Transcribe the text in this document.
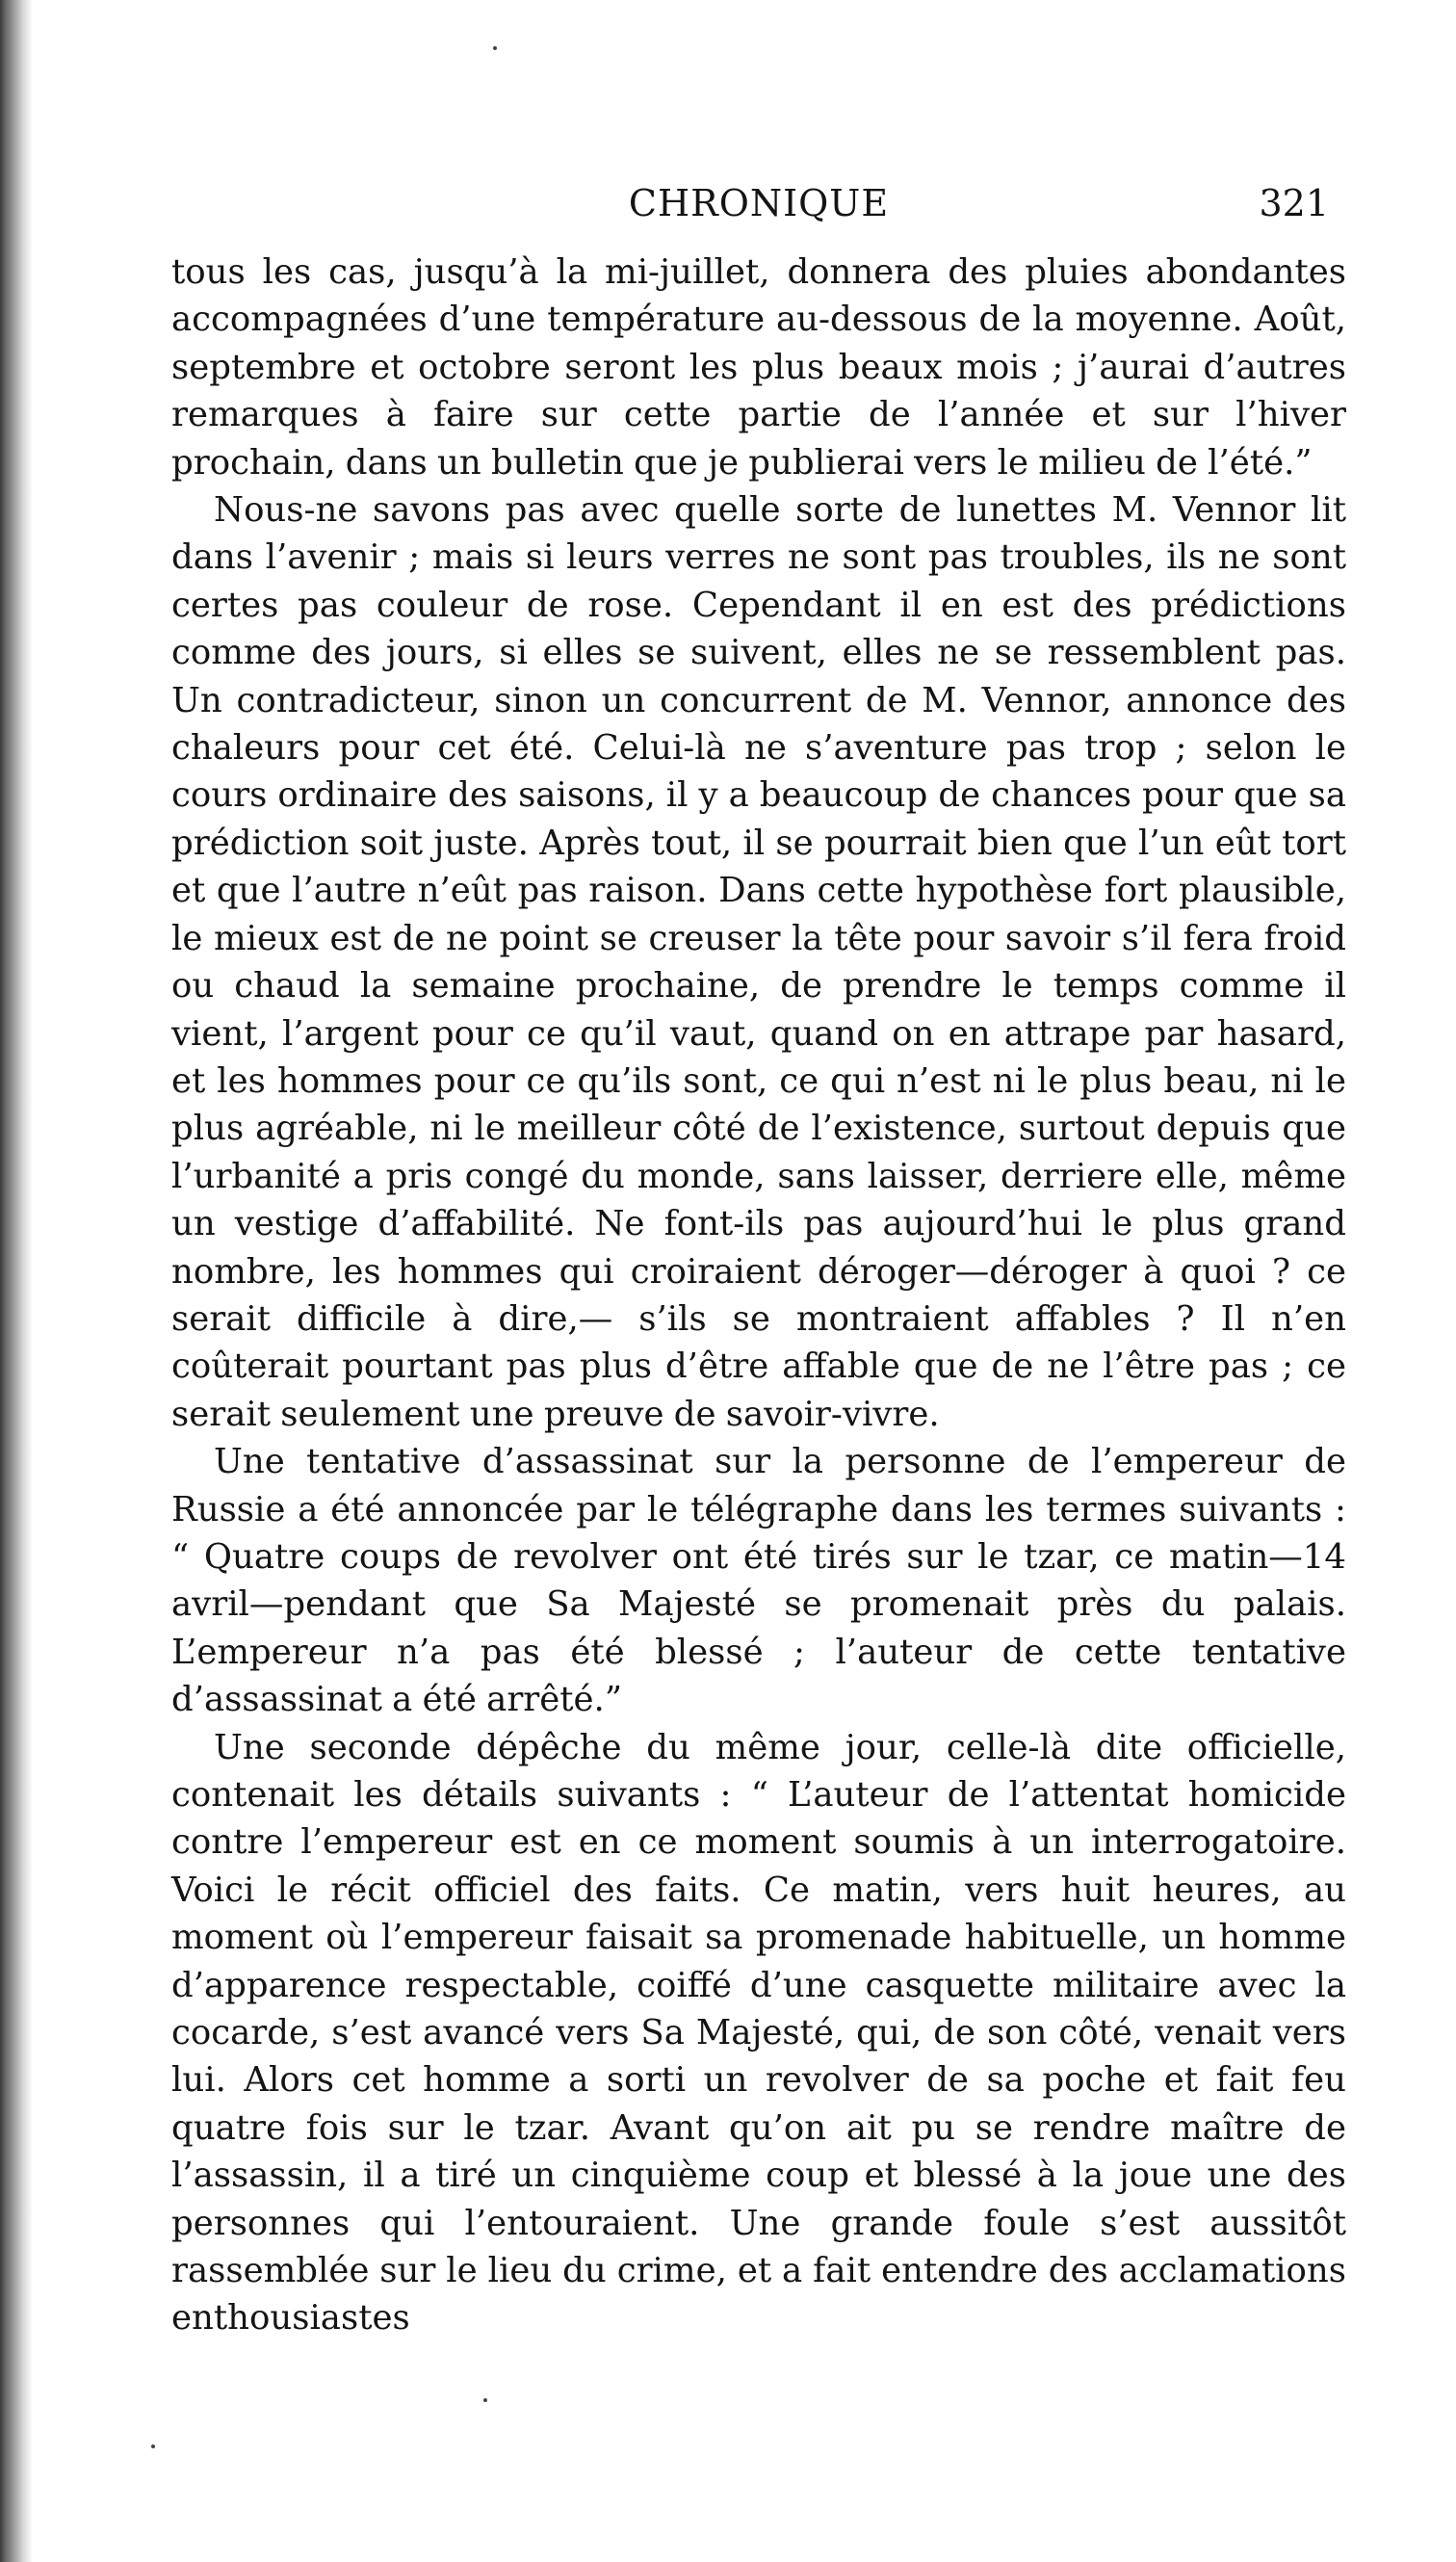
CHRONIQUE	321

tous les cas, jusqu’à la mi-juillet, donnera des pluies abondantes accompagnées d’une température au-dessous de la moyenne. Août, septembre et octobre seront les plus beaux mois ; j’aurai d’autres remarques à faire sur cette partie de l’année et sur l’hiver prochain, dans un bulletin que je publierai vers le milieu de l’été.”

Nous-ne savons pas avec quelle sorte de lunettes M. Vennor lit dans l’avenir ; mais si leurs verres ne sont pas troubles, ils ne sont certes pas couleur de rose. Cependant il en est des prédictions comme des jours, si elles se suivent, elles ne se ressemblent pas. Un contradicteur, sinon un concurrent de M. Vennor, annonce des chaleurs pour cet été. Celui-là ne s’aventure pas trop ; selon le cours ordinaire des saisons, il y a beaucoup de chances pour que sa prédiction soit juste. Après tout, il se pourrait bien que l’un eût tort et que l’autre n’eût pas raison. Dans cette hypothèse fort plausible, le mieux est de ne point se creuser la tête pour savoir s’il fera froid ou chaud la semaine prochaine, de prendre le temps comme il vient, l’argent pour ce qu’il vaut, quand on en attrape par hasard, et les hommes pour ce qu’ils sont, ce qui n’est ni le plus beau, ni le plus agréable, ni le meilleur côté de l’existence, surtout depuis que l’urbanité a pris congé du monde, sans laisser, derriere elle, même un vestige d’affabilité. Ne font-ils pas aujourd’hui le plus grand nombre, les hommes qui croiraient déroger—déroger à quoi ? ce serait difficile à dire,— s’ils se montraient affables ? Il n’en coûterait pourtant pas plus d’être affable que de ne l’être pas ; ce serait seulement une preuve de savoir-vivre.

Une tentative d’assassinat sur la personne de l’empereur de Russie a été annoncée par le télégraphe dans les termes suivants : “ Quatre coups de revolver ont été tirés sur le tzar, ce matin—14 avril—pendant que Sa Majesté se promenait près du palais. L’empereur n’a pas été blessé ; l’auteur de cette tentative d’assassinat a été arrêté.”

Une seconde dépêche du même jour, celle-là dite officielle, contenait les détails suivants : “ L’auteur de l’attentat homicide contre l’empereur est en ce moment soumis à un interrogatoire. Voici le récit officiel des faits. Ce matin, vers huit heures, au moment où l’empereur faisait sa promenade habituelle, un homme d’apparence respectable, coiffé d’une casquette militaire avec la cocarde, s’est avancé vers Sa Majesté, qui, de son côté, venait vers lui. Alors cet homme a sorti un revolver de sa poche et fait feu quatre fois sur le tzar. Avant qu’on ait pu se rendre maître de l’assassin, il a tiré un cinquième coup et blessé à la joue une des personnes qui l’entouraient. Une grande foule s’est aussitôt rassemblée sur le lieu du crime, et a fait entendre des acclamations enthousiastes
